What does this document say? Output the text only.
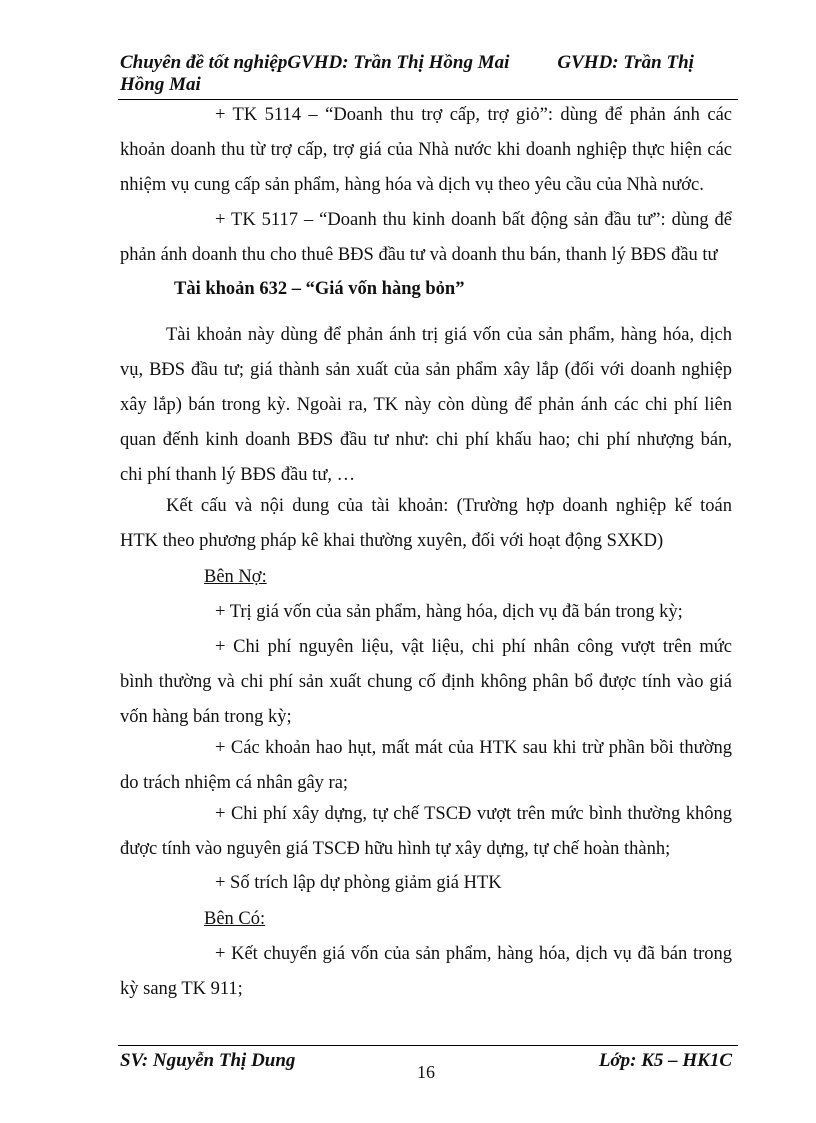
Chuyên đề tốt nghiệpGVHD: Trần Thị Hồng Mai	GVHD: Trần Thị
Hồng Mai
+ TK 5114 – “Doanh thu trợ cấp, trợ giỏ”: dùng để phản ánh các
khoản doanh thu từ trợ cấp, trợ giá của Nhà nước khi doanh nghiệp thực hiện các
nhiệm vụ cung cấp sản phẩm, hàng hóa và dịch vụ theo yêu cầu của Nhà nước.
+ TK 5117 – “Doanh thu kinh doanh bất động sản đầu tư”: dùng để
phản ánh doanh thu cho thuê BĐS đầu tư và doanh thu bán, thanh lý BĐS đầu tư
Tài khoản 632 – “Giá vốn hàng bỏn”
Tài khoản này dùng để phản ánh trị giá vốn của sản phẩm, hàng hóa, dịch
vụ, BĐS đầu tư; giá thành sản xuất của sản phẩm xây lắp (đối với doanh nghiệp
xây lắp) bán trong kỳ. Ngoài ra, TK này còn dùng để phản ánh các chi phí liên
quan đếnh kinh doanh BĐS đầu tư như: chi phí khấu hao; chi phí nhượng bán,
chi phí thanh lý BĐS đầu tư, …
Kết cấu và nội dung của tài khoản: (Trường hợp doanh nghiệp kế toán
HTK theo phương pháp kê khai thường xuyên, đối với hoạt động SXKD)
Bên Nợ:
+ Trị giá vốn của sản phẩm, hàng hóa, dịch vụ đã bán trong kỳ;
+ Chi phí nguyên liệu, vật liệu, chi phí nhân công vượt trên mức
bình thường và chi phí sản xuất chung cố định không phân bổ được tính vào giá
vốn hàng bán trong kỳ;
+ Các khoản hao hụt, mất mát của HTK sau khi trừ phần bồi thường
do trách nhiệm cá nhân gây ra;
+ Chi phí xây dựng, tự chế TSCĐ vượt trên mức bình thường không
được tính vào nguyên giá TSCĐ hữu hình tự xây dựng, tự chế hoàn thành;
+ Số trích lập dự phòng giảm giá HTK
Bên Có:
+ Kết chuyển giá vốn của sản phẩm, hàng hóa, dịch vụ đã bán trong
kỳ sang TK 911;
SV: Nguyễn Thị Dung
16
Lớp: K5 – HK1C
